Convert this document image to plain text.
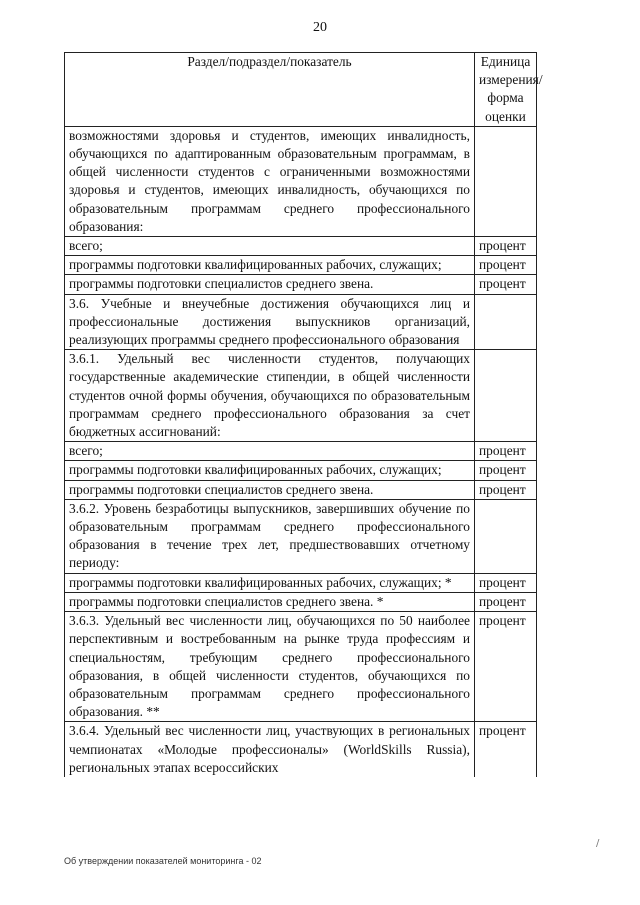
20
Раздел/подраздел/показатель	Единица измерения/ форма оценки
возможностями здоровья и студентов, имеющих инвалидность, обучающихся по адаптированным образовательным программам, в общей численности студентов с ограниченными возможностями здоровья и студентов, имеющих инвалидность, обучающихся по образовательным программам среднего профессионального образования:	
всего;	процент
программы подготовки квалифицированных рабочих, служащих;	процент
программы подготовки специалистов среднего звена.	процент
3.6. Учебные и внеучебные достижения обучающихся лиц и профессиональные достижения выпускников организаций, реализующих программы среднего профессионального образования	
3.6.1. Удельный вес численности студентов, получающих государственные академические стипендии, в общей численности студентов очной формы обучения, обучающихся по образовательным программам среднего профессионального образования за счет бюджетных ассигнований:	
всего;	процент
программы подготовки квалифицированных рабочих, служащих;	процент
программы подготовки специалистов среднего звена.	процент
3.6.2. Уровень безработицы выпускников, завершивших обучение по образовательным программам среднего профессионального образования в течение трех лет, предшествовавших отчетному периоду:	
программы подготовки квалифицированных рабочих, служащих; *	процент
программы подготовки специалистов среднего звена. *	процент
3.6.3. Удельный вес численности лиц, обучающихся по 50 наиболее перспективным и востребованным на рынке труда профессиям и специальностям, требующим среднего профессионального образования, в общей численности студентов, обучающихся по образовательным программам среднего профессионального образования. **	процент
3.6.4. Удельный вес численности лиц, участвующих в региональных чемпионатах «Молодые профессионалы» (WorldSkills Russia), региональных этапах всероссийских	процент
/
Об утверждении показателей мониторинга - 02
